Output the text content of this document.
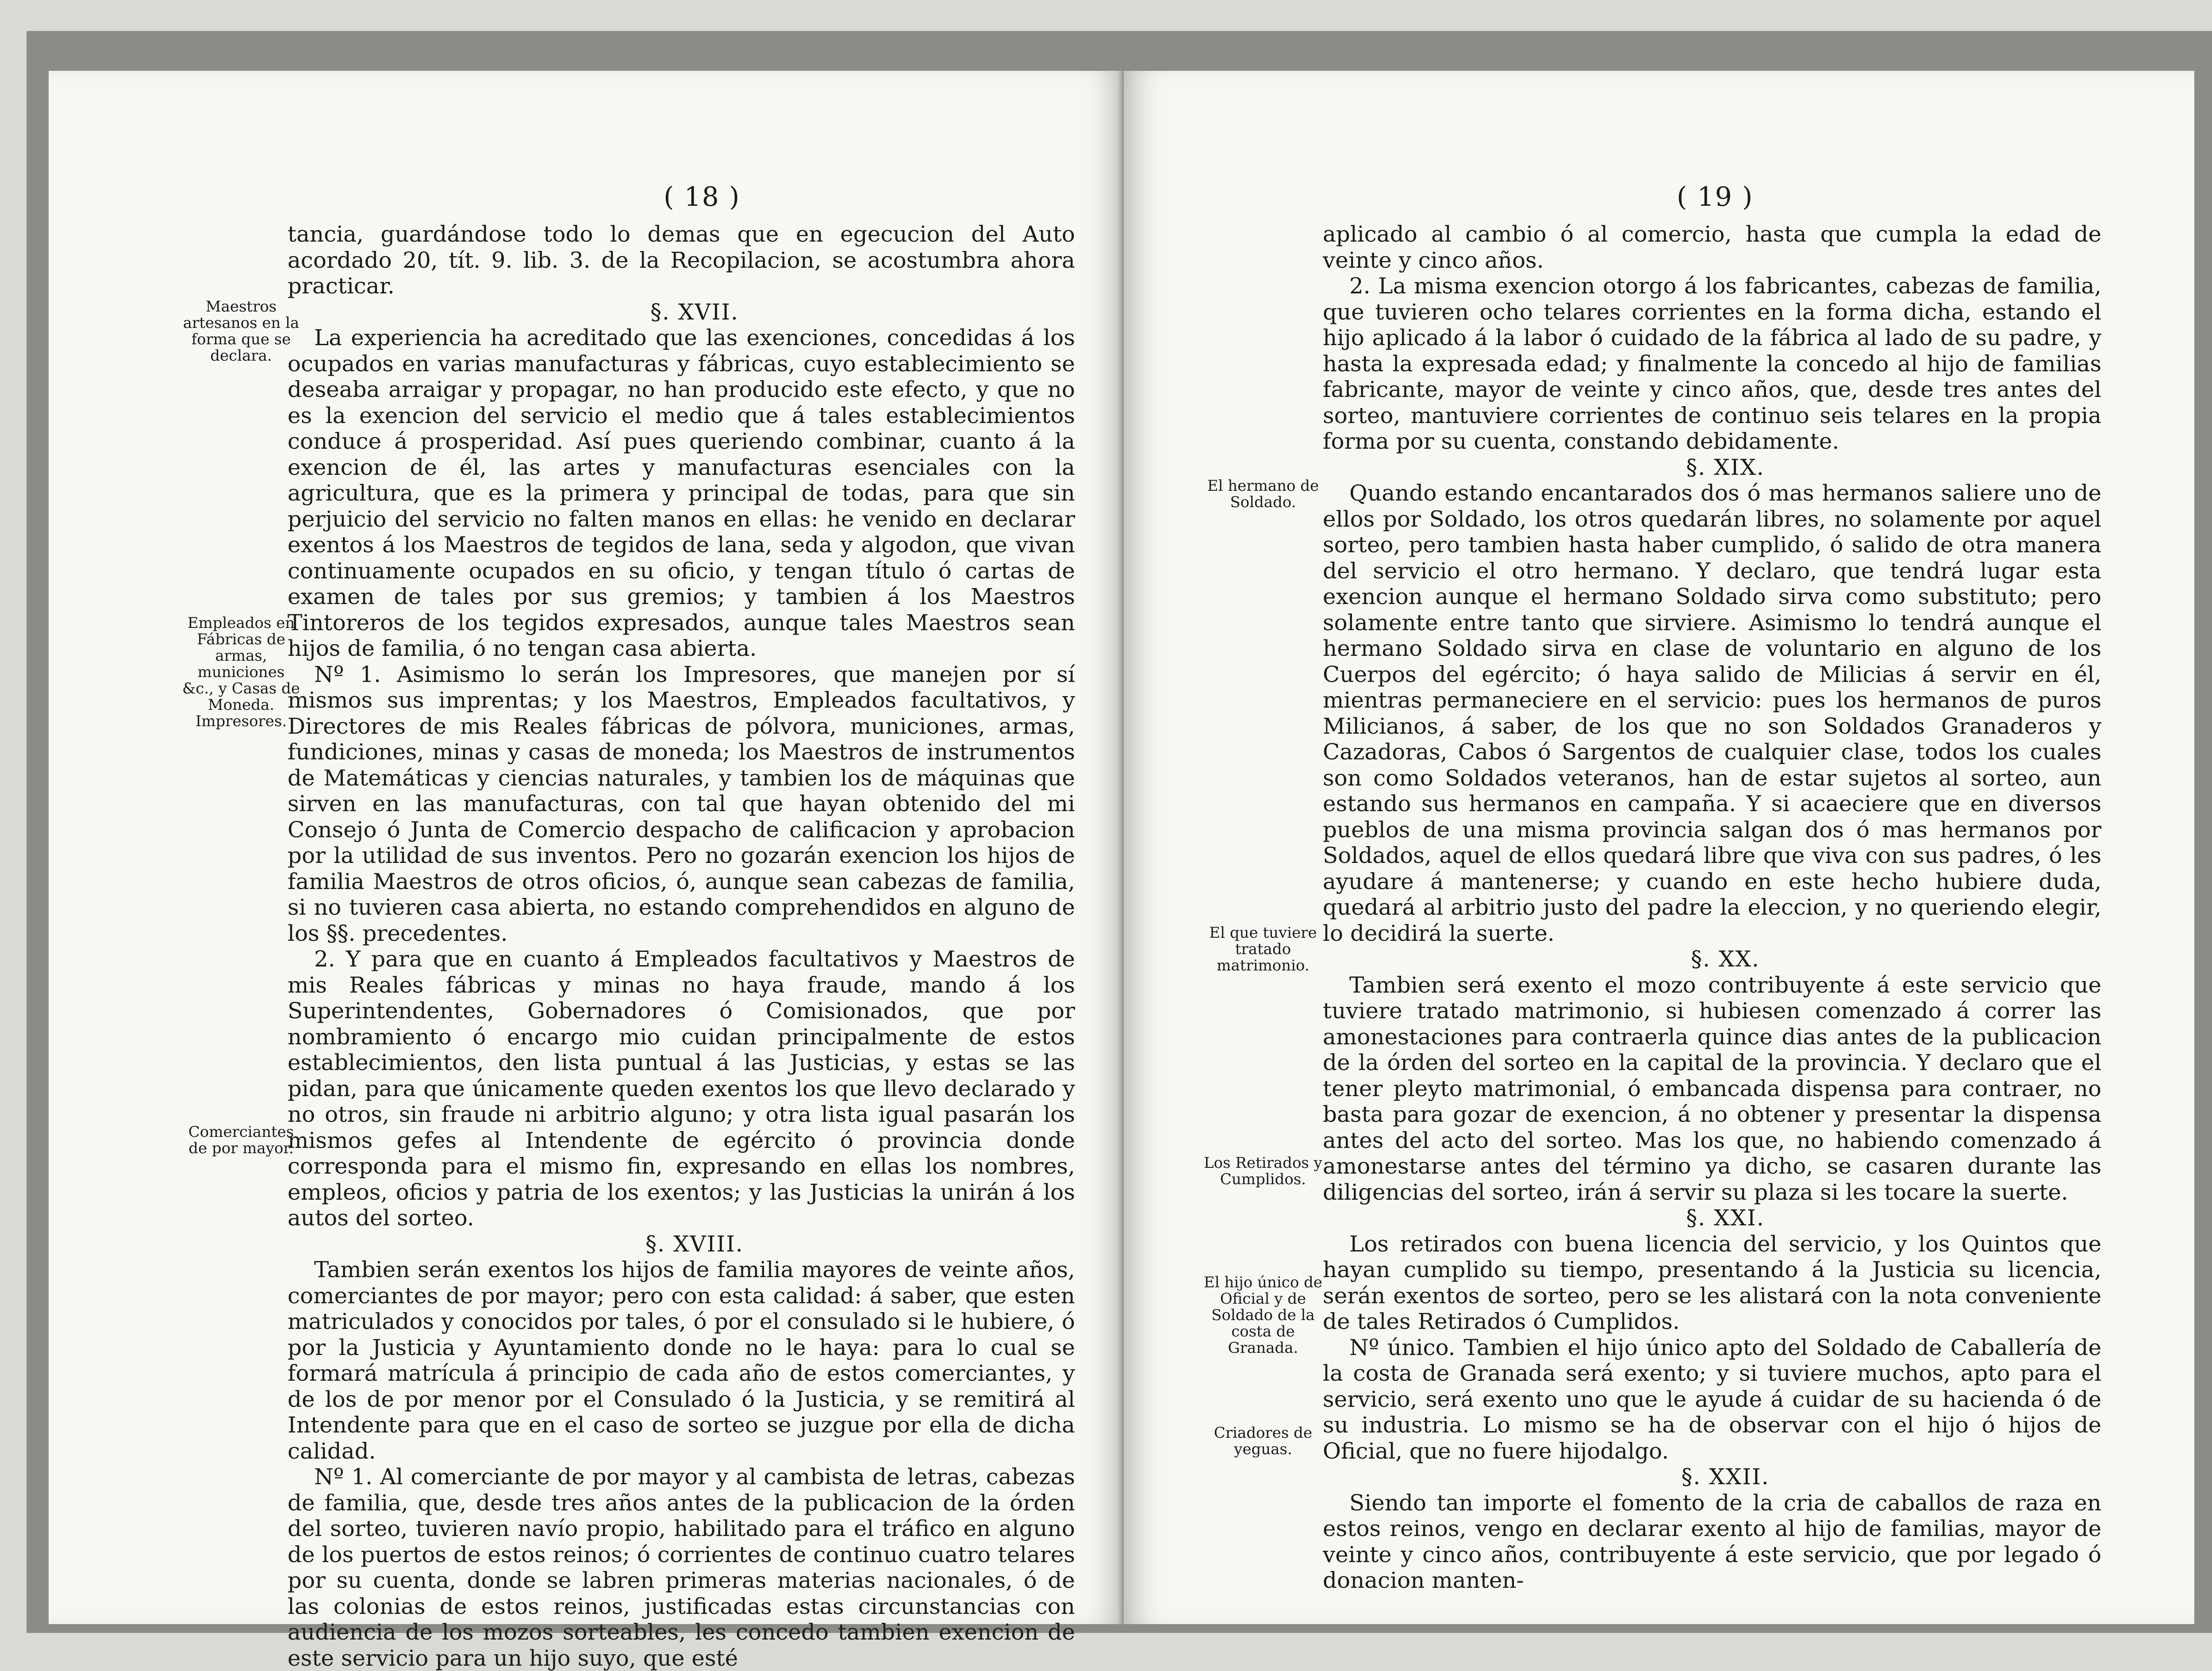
( 18 )

tancia, guardándose todo lo demas que en egecucion del Auto acordado 20, tít. 9. lib. 3. de la Recopilacion, se acostumbra ahora practicar.

§. XVII.

La experiencia ha acreditado que las exenciones, concedidas á los ocupados en varias manufacturas y fábricas, cuyo establecimiento se deseaba arraigar y propagar, no han producido este efecto, y que no es la exencion del servicio el medio que á tales establecimientos conduce á prosperidad. Así pues queriendo combinar, cuanto á la exencion de él, las artes y manufacturas esenciales con la agricultura, que es la primera y principal de todas, para que sin perjuicio del servicio no falten manos en ellas: he venido en declarar exentos á los Maestros de tegidos de lana, seda y algodon, que vivan continuamente ocupados en su oficio, y tengan título ó cartas de examen de tales por sus gremios; y tambien á los Maestros Tintoreros de los tegidos expresados, aunque tales Maestros sean hijos de familia, ó no tengan casa abierta.

Nº 1. Asimismo lo serán los Impresores, que manejen por sí mismos sus imprentas; y los Maestros, Empleados facultativos, y Directores de mis Reales fábricas de pólvora, municiones, armas, fundiciones, minas y casas de moneda; los Maestros de instrumentos de Matemáticas y ciencias naturales, y tambien los de máquinas que sirven en las manufacturas, con tal que hayan obtenido del mi Consejo ó Junta de Comercio despacho de calificacion y aprobacion por la utilidad de sus inventos. Pero no gozarán exencion los hijos de familia Maestros de otros oficios, ó, aunque sean cabezas de familia, si no tuvieren casa abierta, no estando comprehendidos en alguno de los §§. precedentes.

2. Y para que en cuanto á Empleados facultativos y Maestros de mis Reales fábricas y minas no haya fraude, mando á los Superintendentes, Gobernadores ó Comisionados, que por nombramiento ó encargo mio cuidan principalmente de estos establecimientos, den lista puntual á las Justicias, y estas se las pidan, para que únicamente queden exentos los que llevo declarado y no otros, sin fraude ni arbitrio alguno; y otra lista igual pasarán los mismos gefes al Intendente de egército ó provincia donde corresponda para el mismo fin, expresando en ellas los nombres, empleos, oficios y patria de los exentos; y las Justicias la unirán á los autos del sorteo.

§. XVIII.

Tambien serán exentos los hijos de familia mayores de veinte años, comerciantes de por mayor; pero con esta calidad: á saber, que esten matriculados y conocidos por tales, ó por el consulado si le hubiere, ó por la Justicia y Ayuntamiento donde no le haya: para lo cual se formará matrícula á principio de cada año de estos comerciantes, y de los de por menor por el Consulado ó la Justicia, y se remitirá al Intendente para que en el caso de sorteo se juzgue por ella de dicha calidad.

Nº 1. Al comerciante de por mayor y al cambista de letras, cabezas de familia, que, desde tres años antes de la publicacion de la órden del sorteo, tuvieren navío propio, habilitado para el tráfico en alguno de los puertos de estos reinos; ó corrientes de continuo cuatro telares por su cuenta, donde se labren primeras materias nacionales, ó de las colonias de estos reinos, justificadas estas circunstancias con audiencia de los mozos sorteables, les concedo tambien exencion de este servicio para un hijo suyo, que esté

Maestros artesanos en la forma que se declara.
Empleados en Fábricas de armas, municiones &c., y Casas de Moneda. Impresores.
Comerciantes de por mayor.
( 19 )

aplicado al cambio ó al comercio, hasta que cumpla la edad de veinte y cinco años.

2. La misma exencion otorgo á los fabricantes, cabezas de familia, que tuvieren ocho telares corrientes en la forma dicha, estando el hijo aplicado á la labor ó cuidado de la fábrica al lado de su padre, y hasta la expresada edad; y finalmente la concedo al hijo de familias fabricante, mayor de veinte y cinco años, que, desde tres antes del sorteo, mantuviere corrientes de continuo seis telares en la propia forma por su cuenta, constando debidamente.

§. XIX.

Quando estando encantarados dos ó mas hermanos saliere uno de ellos por Soldado, los otros quedarán libres, no solamente por aquel sorteo, pero tambien hasta haber cumplido, ó salido de otra manera del servicio el otro hermano. Y declaro, que tendrá lugar esta exencion aunque el hermano Soldado sirva como substituto; pero solamente entre tanto que sirviere. Asimismo lo tendrá aunque el hermano Soldado sirva en clase de voluntario en alguno de los Cuerpos del egército; ó haya salido de Milicias á servir en él, mientras permaneciere en el servicio: pues los hermanos de puros Milicianos, á saber, de los que no son Soldados Granaderos y Cazadoras, Cabos ó Sargentos de cualquier clase, todos los cuales son como Soldados veteranos, han de estar sujetos al sorteo, aun estando sus hermanos en campaña. Y si acaeciere que en diversos pueblos de una misma provincia salgan dos ó mas hermanos por Soldados, aquel de ellos quedará libre que viva con sus padres, ó les ayudare á mantenerse; y cuando en este hecho hubiere duda, quedará al arbitrio justo del padre la eleccion, y no queriendo elegir, lo decidirá la suerte.

§. XX.

Tambien será exento el mozo contribuyente á este servicio que tuviere tratado matrimonio, si hubiesen comenzado á correr las amonestaciones para contraerla quince dias antes de la publicacion de la órden del sorteo en la capital de la provincia. Y declaro que el tener pleyto matrimonial, ó embancada dispensa para contraer, no basta para gozar de exencion, á no obtener y presentar la dispensa antes del acto del sorteo. Mas los que, no habiendo comenzado á amonestarse antes del término ya dicho, se casaren durante las diligencias del sorteo, irán á servir su plaza si les tocare la suerte.

§. XXI.

Los retirados con buena licencia del servicio, y los Quintos que hayan cumplido su tiempo, presentando á la Justicia su licencia, serán exentos de sorteo, pero se les alistará con la nota conveniente de tales Retirados ó Cumplidos.

Nº único. Tambien el hijo único apto del Soldado de Caballería de la costa de Granada será exento; y si tuviere muchos, apto para el servicio, será exento uno que le ayude á cuidar de su hacienda ó de su industria. Lo mismo se ha de observar con el hijo ó hijos de Oficial, que no fuere hijodalgo.

§. XXII.

Siendo tan importe el fomento de la cria de caballos de raza en estos reinos, vengo en declarar exento al hijo de familias, mayor de veinte y cinco años, contribuyente á este servicio, que por legado ó donacion manten-

El hermano de Soldado.
El que tuviere tratado matrimonio.
Los Retirados y Cumplidos.
El hijo único de Oficial y de Soldado de la costa de Granada.
Criadores de yeguas.
